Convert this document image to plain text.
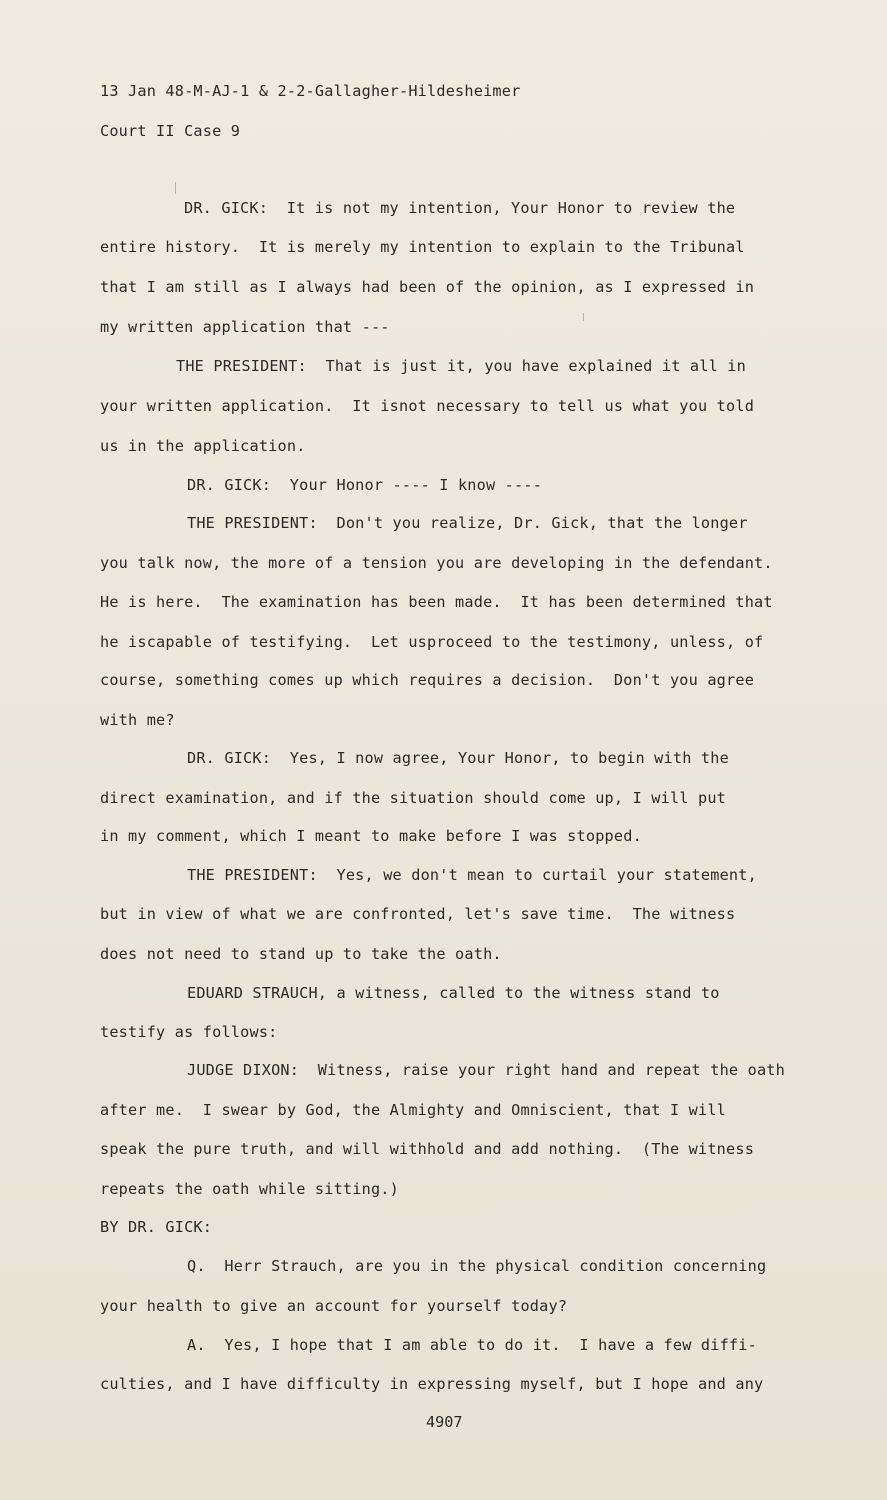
13 Jan 48-M-AJ-1 & 2-2-Gallagher-Hildesheimer
Court II Case 9
DR. GICK:  It is not my intention, Your Honor to review the
entire history.  It is merely my intention to explain to the Tribunal
that I am still as I always had been of the opinion, as I expressed in
my written application that ---
THE PRESIDENT:  That is just it, you have explained it all in
your written application.  It isnot necessary to tell us what you told
us in the application.
DR. GICK:  Your Honor ---- I know ----
THE PRESIDENT:  Don't you realize, Dr. Gick, that the longer
you talk now, the more of a tension you are developing in the defendant.
He is here.  The examination has been made.  It has been determined that
he iscapable of testifying.  Let usproceed to the testimony, unless, of
course, something comes up which requires a decision.  Don't you agree
with me?
DR. GICK:  Yes, I now agree, Your Honor, to begin with the
direct examination, and if the situation should come up, I will put
in my comment, which I meant to make before I was stopped.
THE PRESIDENT:  Yes, we don't mean to curtail your statement,
but in view of what we are confronted, let's save time.  The witness
does not need to stand up to take the oath.
EDUARD STRAUCH, a witness, called to the witness stand to
testify as follows:
JUDGE DIXON:  Witness, raise your right hand and repeat the oath
after me.  I swear by God, the Almighty and Omniscient, that I will
speak the pure truth, and will withhold and add nothing.  (The witness
repeats the oath while sitting.)
BY DR. GICK:
Q.  Herr Strauch, are you in the physical condition concerning
your health to give an account for yourself today?
A.  Yes, I hope that I am able to do it.  I have a few diffi-
culties, and I have difficulty in expressing myself, but I hope and any
4907
